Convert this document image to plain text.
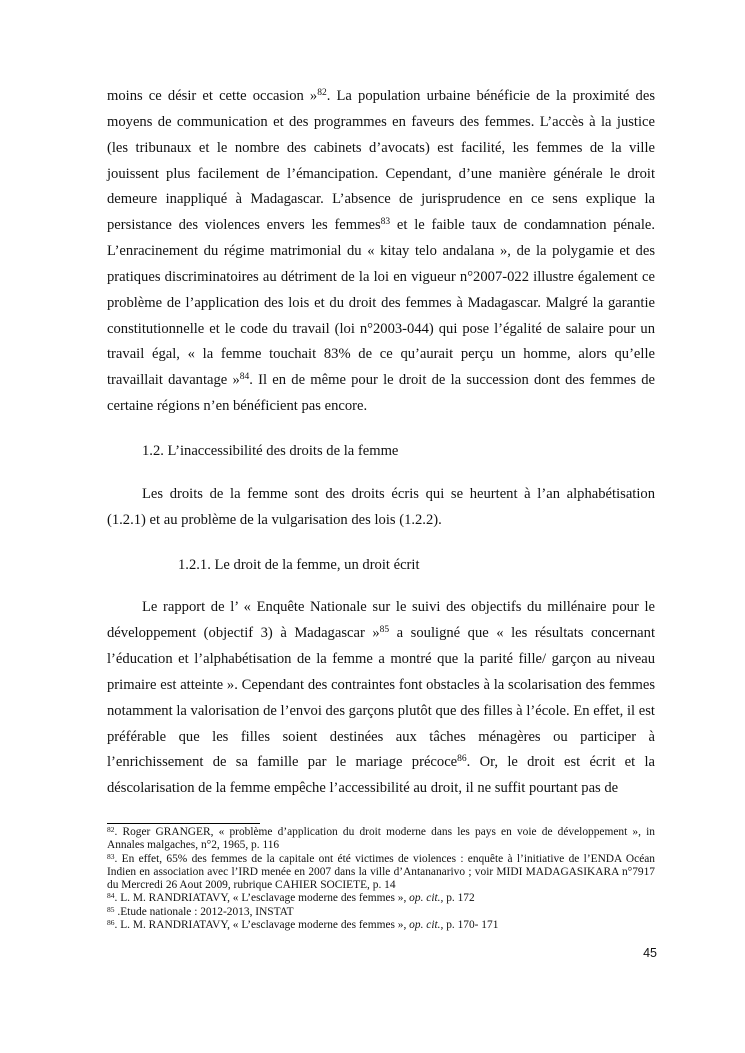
moins ce désir et cette occasion »$^{82}$. La population urbaine bénéficie de la proximité des moyens de communication et des programmes en faveurs des femmes. L’accès à la justice (les tribunaux et le nombre des cabinets d’avocats) est facilité, les femmes de la ville jouissent plus facilement de l’émancipation. Cependant, d’une manière générale le droit demeure inappliqué à Madagascar. L’absence de jurisprudence en ce sens explique la persistance des violences envers les femmes$^{83}$ et le faible taux de condamnation pénale. L’enracinement du régime matrimonial du « kitay telo andalana », de la polygamie et des pratiques discriminatoires au détriment de la loi en vigueur n°2007-022 illustre également ce problème de l’application des lois et du droit des femmes à Madagascar. Malgré la garantie constitutionnelle et le code du travail (loi n°2003-044) qui pose l’égalité de salaire pour un travail égal, « la femme touchait 83% de ce qu’aurait perçu un homme, alors qu’elle travaillait davantage »$^{84}$. Il en de même pour le droit de la succession dont des femmes de certaine régions n’en bénéficient pas encore.

1.2. L’inaccessibilité des droits de la femme

Les droits de la femme sont des droits écris qui se heurtent à l’an alphabétisation (1.2.1) et au problème de la vulgarisation des lois (1.2.2).

1.2.1. Le droit de la femme, un droit écrit

Le rapport de l’ « Enquête Nationale sur le suivi des objectifs du millénaire pour le développement (objectif 3) à Madagascar »$^{85}$ a souligné que « les résultats concernant l’éducation et l’alphabétisation de la femme a montré que la parité fille/ garçon au niveau primaire est atteinte ». Cependant des contraintes font obstacles à la scolarisation des femmes notamment la valorisation de l’envoi des garçons plutôt que des filles à l’école. En effet, il est préférable que les filles soient destinées aux tâches ménagères ou participer à l’enrichissement de sa famille par le mariage précoce$^{86}$. Or, le droit est écrit et la déscolarisation de la femme empêche l’accessibilité au droit, il ne suffit pourtant pas de

$^{82}$. Roger GRANGER, « problème d’application du droit moderne dans les pays en voie de développement », in Annales malgaches, n°2, 1965, p. 116

$^{83}$. En effet, 65% des femmes de la capitale ont été victimes de violences : enquête à l’initiative de l’ENDA Océan Indien en association avec l’IRD menée en 2007 dans la ville d’Antananarivo ; voir MIDI MADAGASIKARA n°7917 du Mercredi 26 Aout 2009, rubrique CAHIER SOCIETE, p. 14

$^{84}$. L. M. RANDRIATAVY, « L’esclavage moderne des femmes », op. cit., p. 172

$^{85}$ .Etude nationale : 2012-2013, INSTAT

$^{86}$. L. M. RANDRIATAVY, « L’esclavage moderne des femmes », op. cit., p. 170- 171

45
